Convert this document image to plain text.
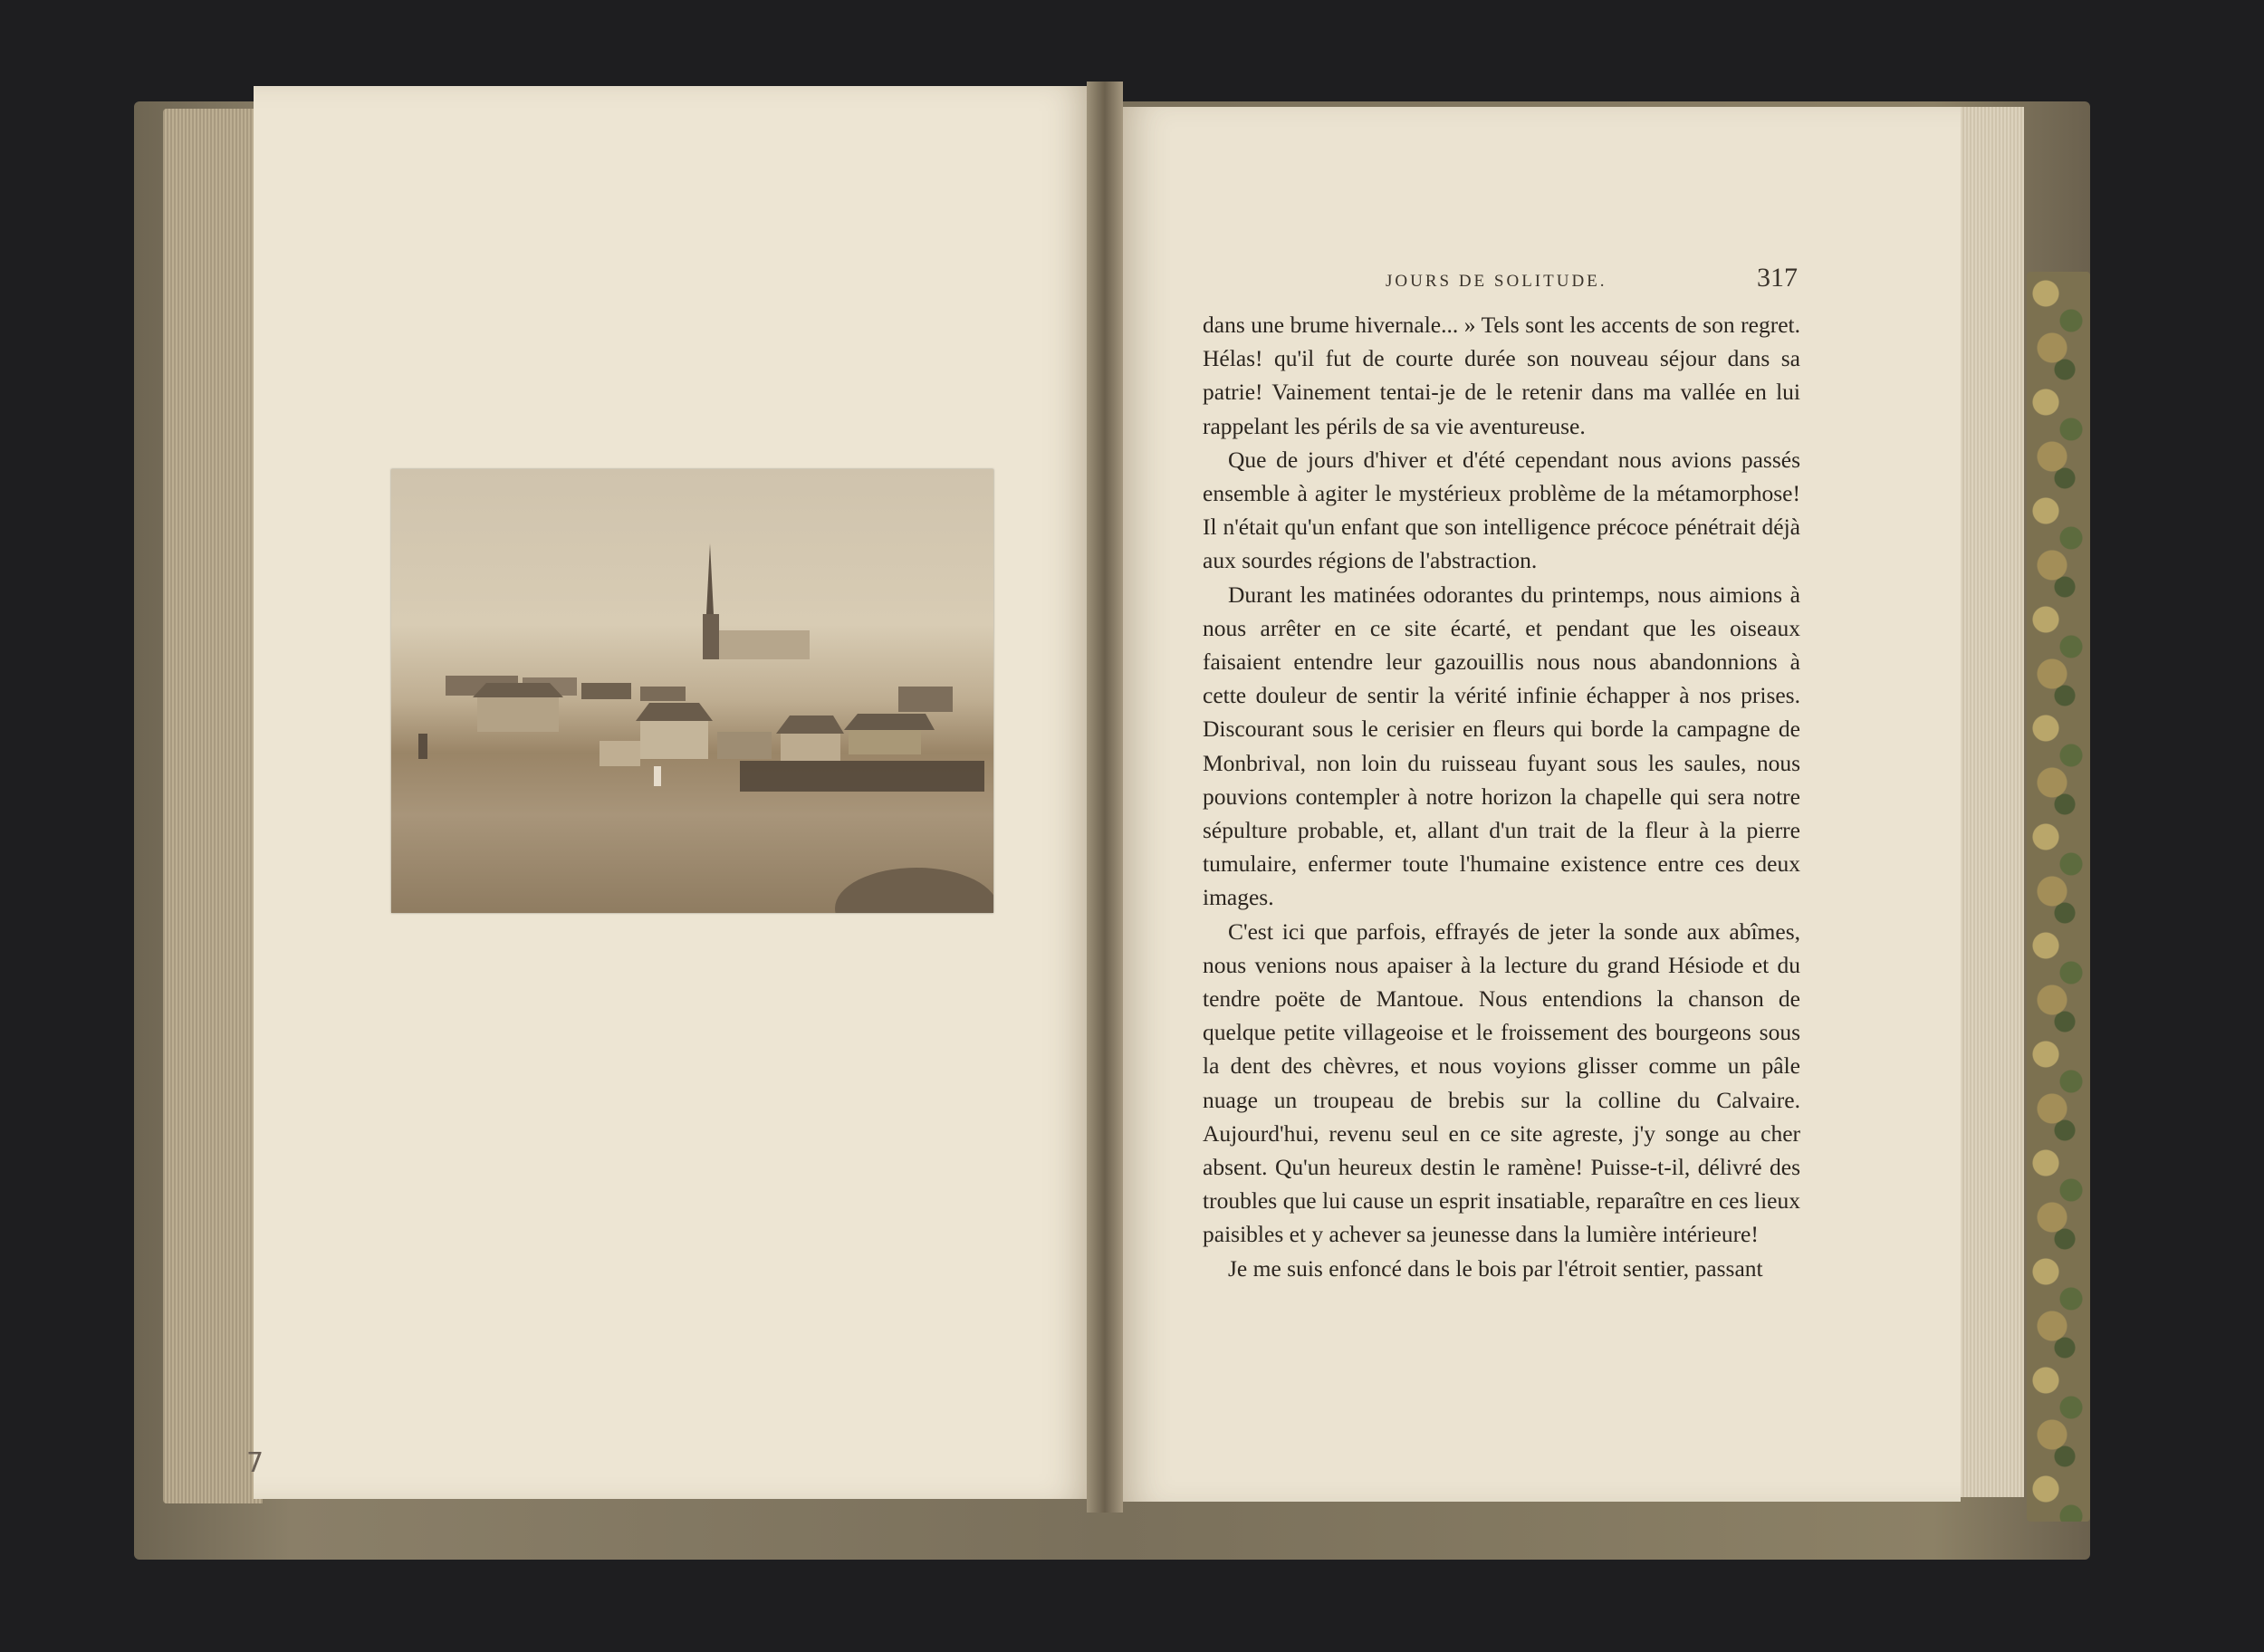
7
JOURS DE SOLITUDE.	317

dans une brume hivernale... » Tels sont les accents de son regret. Hélas! qu'il fut de courte durée son nouveau séjour dans sa patrie! Vainement tentai-je de le retenir dans ma vallée en lui rappelant les périls de sa vie aventureuse.

Que de jours d'hiver et d'été cependant nous avions passés ensemble à agiter le mystérieux problème de la métamorphose! Il n'était qu'un enfant que son intelligence précoce pénétrait déjà aux sourdes régions de l'abstraction.

Durant les matinées odorantes du printemps, nous aimions à nous arrêter en ce site écarté, et pendant que les oiseaux faisaient entendre leur gazouillis nous nous abandonnions à cette douleur de sentir la vérité infinie échapper à nos prises. Discourant sous le cerisier en fleurs qui borde la campagne de Monbrival, non loin du ruisseau fuyant sous les saules, nous pouvions contempler à notre horizon la chapelle qui sera notre sépulture probable, et, allant d'un trait de la fleur à la pierre tumulaire, enfermer toute l'humaine existence entre ces deux images.

C'est ici que parfois, effrayés de jeter la sonde aux abîmes, nous venions nous apaiser à la lecture du grand Hésiode et du tendre poëte de Mantoue. Nous entendions la chanson de quelque petite villageoise et le froissement des bourgeons sous la dent des chèvres, et nous voyions glisser comme un pâle nuage un troupeau de brebis sur la colline du Calvaire. Aujourd'hui, revenu seul en ce site agreste, j'y songe au cher absent. Qu'un heureux destin le ramène! Puisse-t-il, délivré des troubles que lui cause un esprit insatiable, reparaître en ces lieux paisibles et y achever sa jeunesse dans la lumière intérieure!

Je me suis enfoncé dans le bois par l'étroit sentier, passant
